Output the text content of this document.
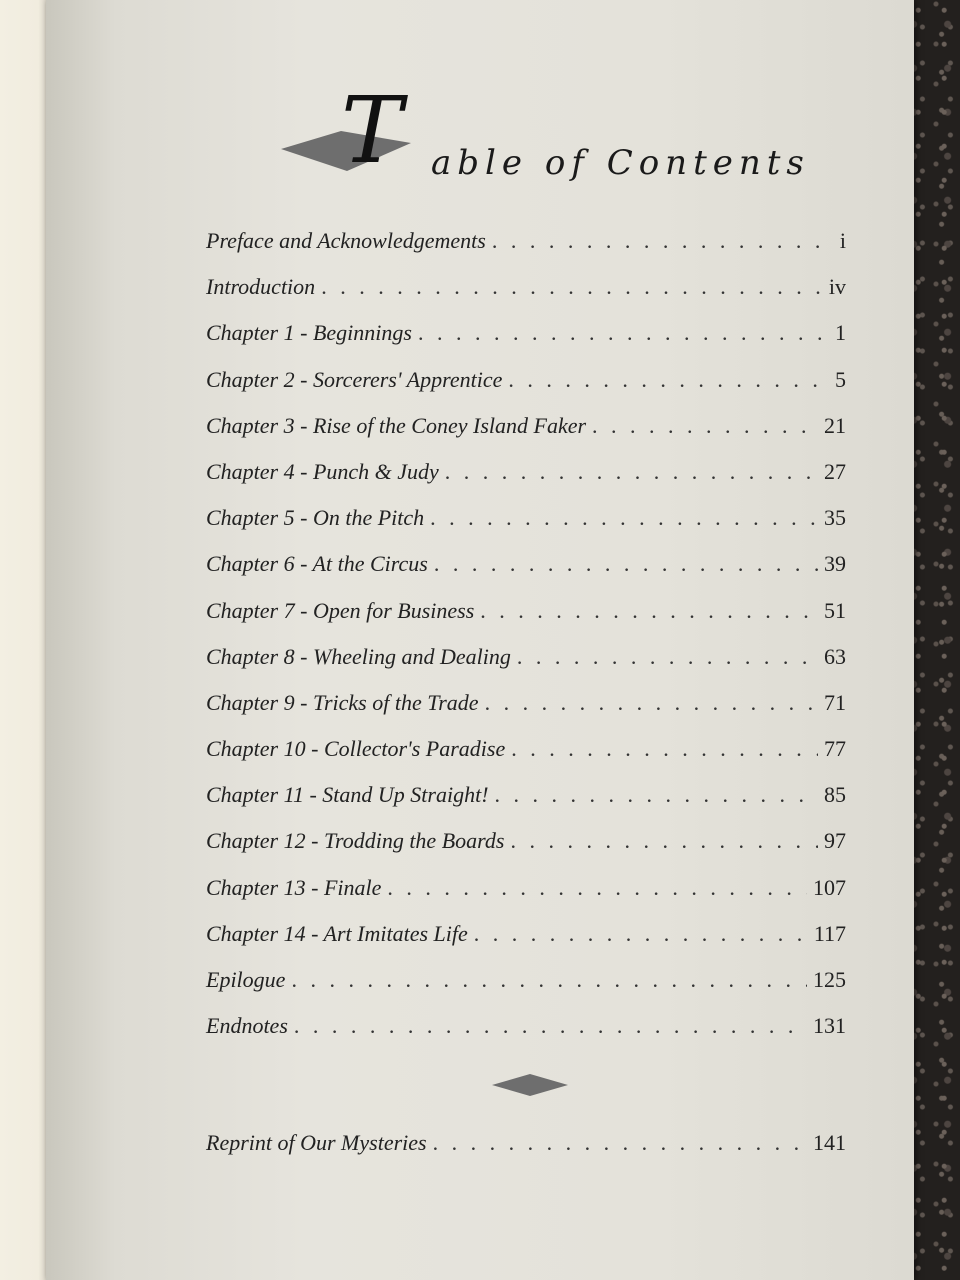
T able of Contents
Preface and Acknowledgements . . .	i
Introduction . . .	iv
Chapter 1 - Beginnings . . .	1
Chapter 2 - Sorcerers' Apprentice . . .	5
Chapter 3 - Rise of the Coney Island Faker . . .	21
Chapter 4 - Punch & Judy . . .	27
Chapter 5 - On the Pitch . . .	35
Chapter 6 - At the Circus . . .	39
Chapter 7 - Open for Business . . .	51
Chapter 8 - Wheeling and Dealing . . .	63
Chapter 9 - Tricks of the Trade . . .	71
Chapter 10 - Collector's Paradise . . .	77
Chapter 11 - Stand Up Straight! . . .	85
Chapter 12 - Trodding the Boards . . .	97
Chapter 13 - Finale . . .	107
Chapter 14 - Art Imitates Life . . .	117
Epilogue . . .	125
Endnotes . . .	131
Reprint of Our Mysteries . . .	141
